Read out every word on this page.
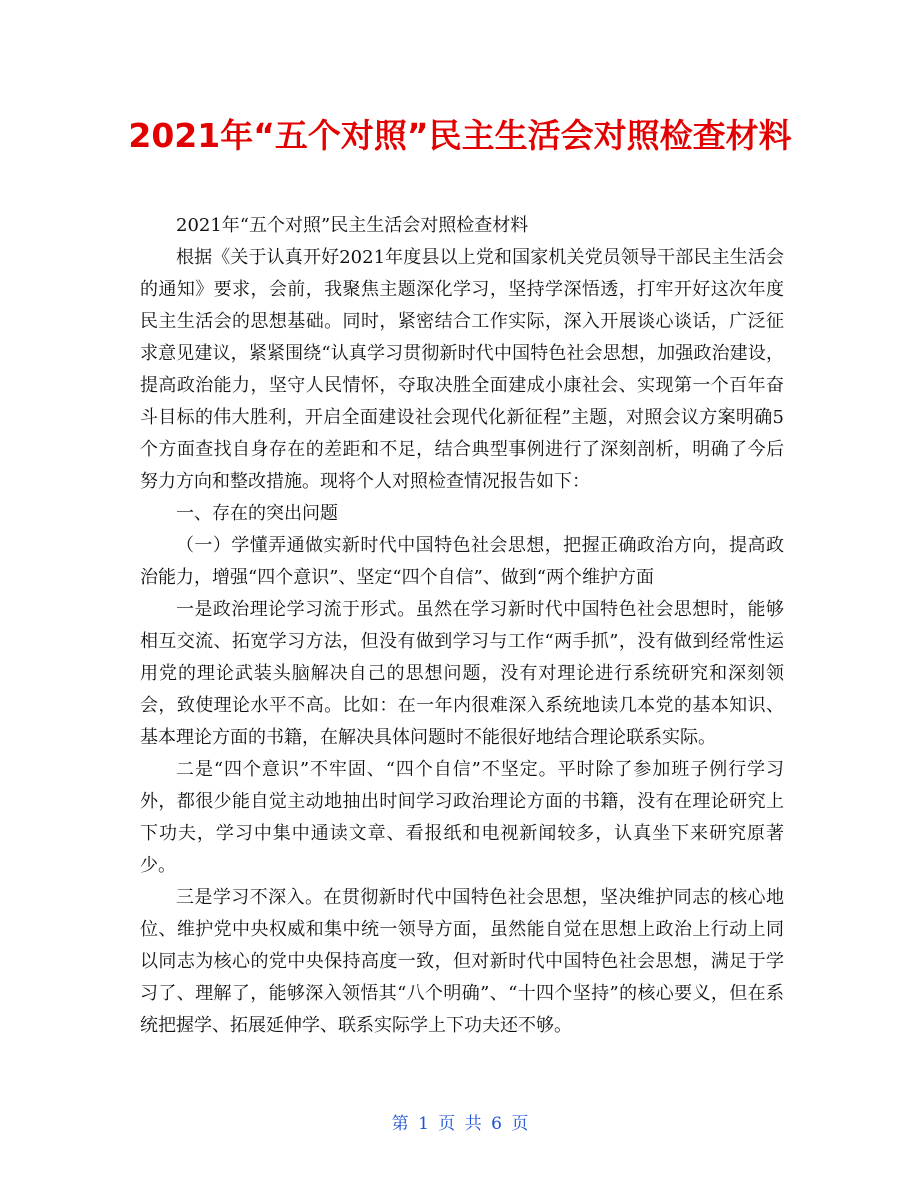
2021年“五个对照”民主生活会对照检查材料

2021年“五个对照”民主生活会对照检查材料

根据《关于认真开好2021年度县以上党和国家机关党员领导干部民主生活会的通知》要求，会前，我聚焦主题深化学习，坚持学深悟透，打牢开好这次年度民主生活会的思想基础。同时，紧密结合工作实际，深入开展谈心谈话，广泛征求意见建议，紧紧围绕“认真学习贯彻新时代中国特色社会思想，加强政治建设，提高政治能力，坚守人民情怀，夺取决胜全面建成小康社会、实现第一个百年奋斗目标的伟大胜利，开启全面建设社会现代化新征程”主题，对照会议方案明确5个方面查找自身存在的差距和不足，结合典型事例进行了深刻剖析，明确了今后努力方向和整改措施。现将个人对照检查情况报告如下：

一、存在的突出问题

（一）学懂弄通做实新时代中国特色社会思想，把握正确政治方向，提高政治能力，增强“四个意识”、坚定“四个自信”、做到“两个维护方面

一是政治理论学习流于形式。虽然在学习新时代中国特色社会思想时，能够相互交流、拓宽学习方法，但没有做到学习与工作“两手抓”，没有做到经常性运用党的理论武装头脑解决自己的思想问题，没有对理论进行系统研究和深刻领会，致使理论水平不高。比如：在一年内很难深入系统地读几本党的基本知识、基本理论方面的书籍，在解决具体问题时不能很好地结合理论联系实际。

二是“四个意识”不牢固、“四个自信”不坚定。平时除了参加班子例行学习外，都很少能自觉主动地抽出时间学习政治理论方面的书籍，没有在理论研究上下功夫，学习中集中通读文章、看报纸和电视新闻较多，认真坐下来研究原著少。

三是学习不深入。在贯彻新时代中国特色社会思想，坚决维护同志的核心地位、维护党中央权威和集中统一领导方面，虽然能自觉在思想上政治上行动上同以同志为核心的党中央保持高度一致，但对新时代中国特色社会思想，满足于学习了、理解了，能够深入领悟其“八个明确”、“十四个坚持”的核心要义，但在系统把握学、拓展延伸学、联系实际学上下功夫还不够。

第 1 页 共 6 页
